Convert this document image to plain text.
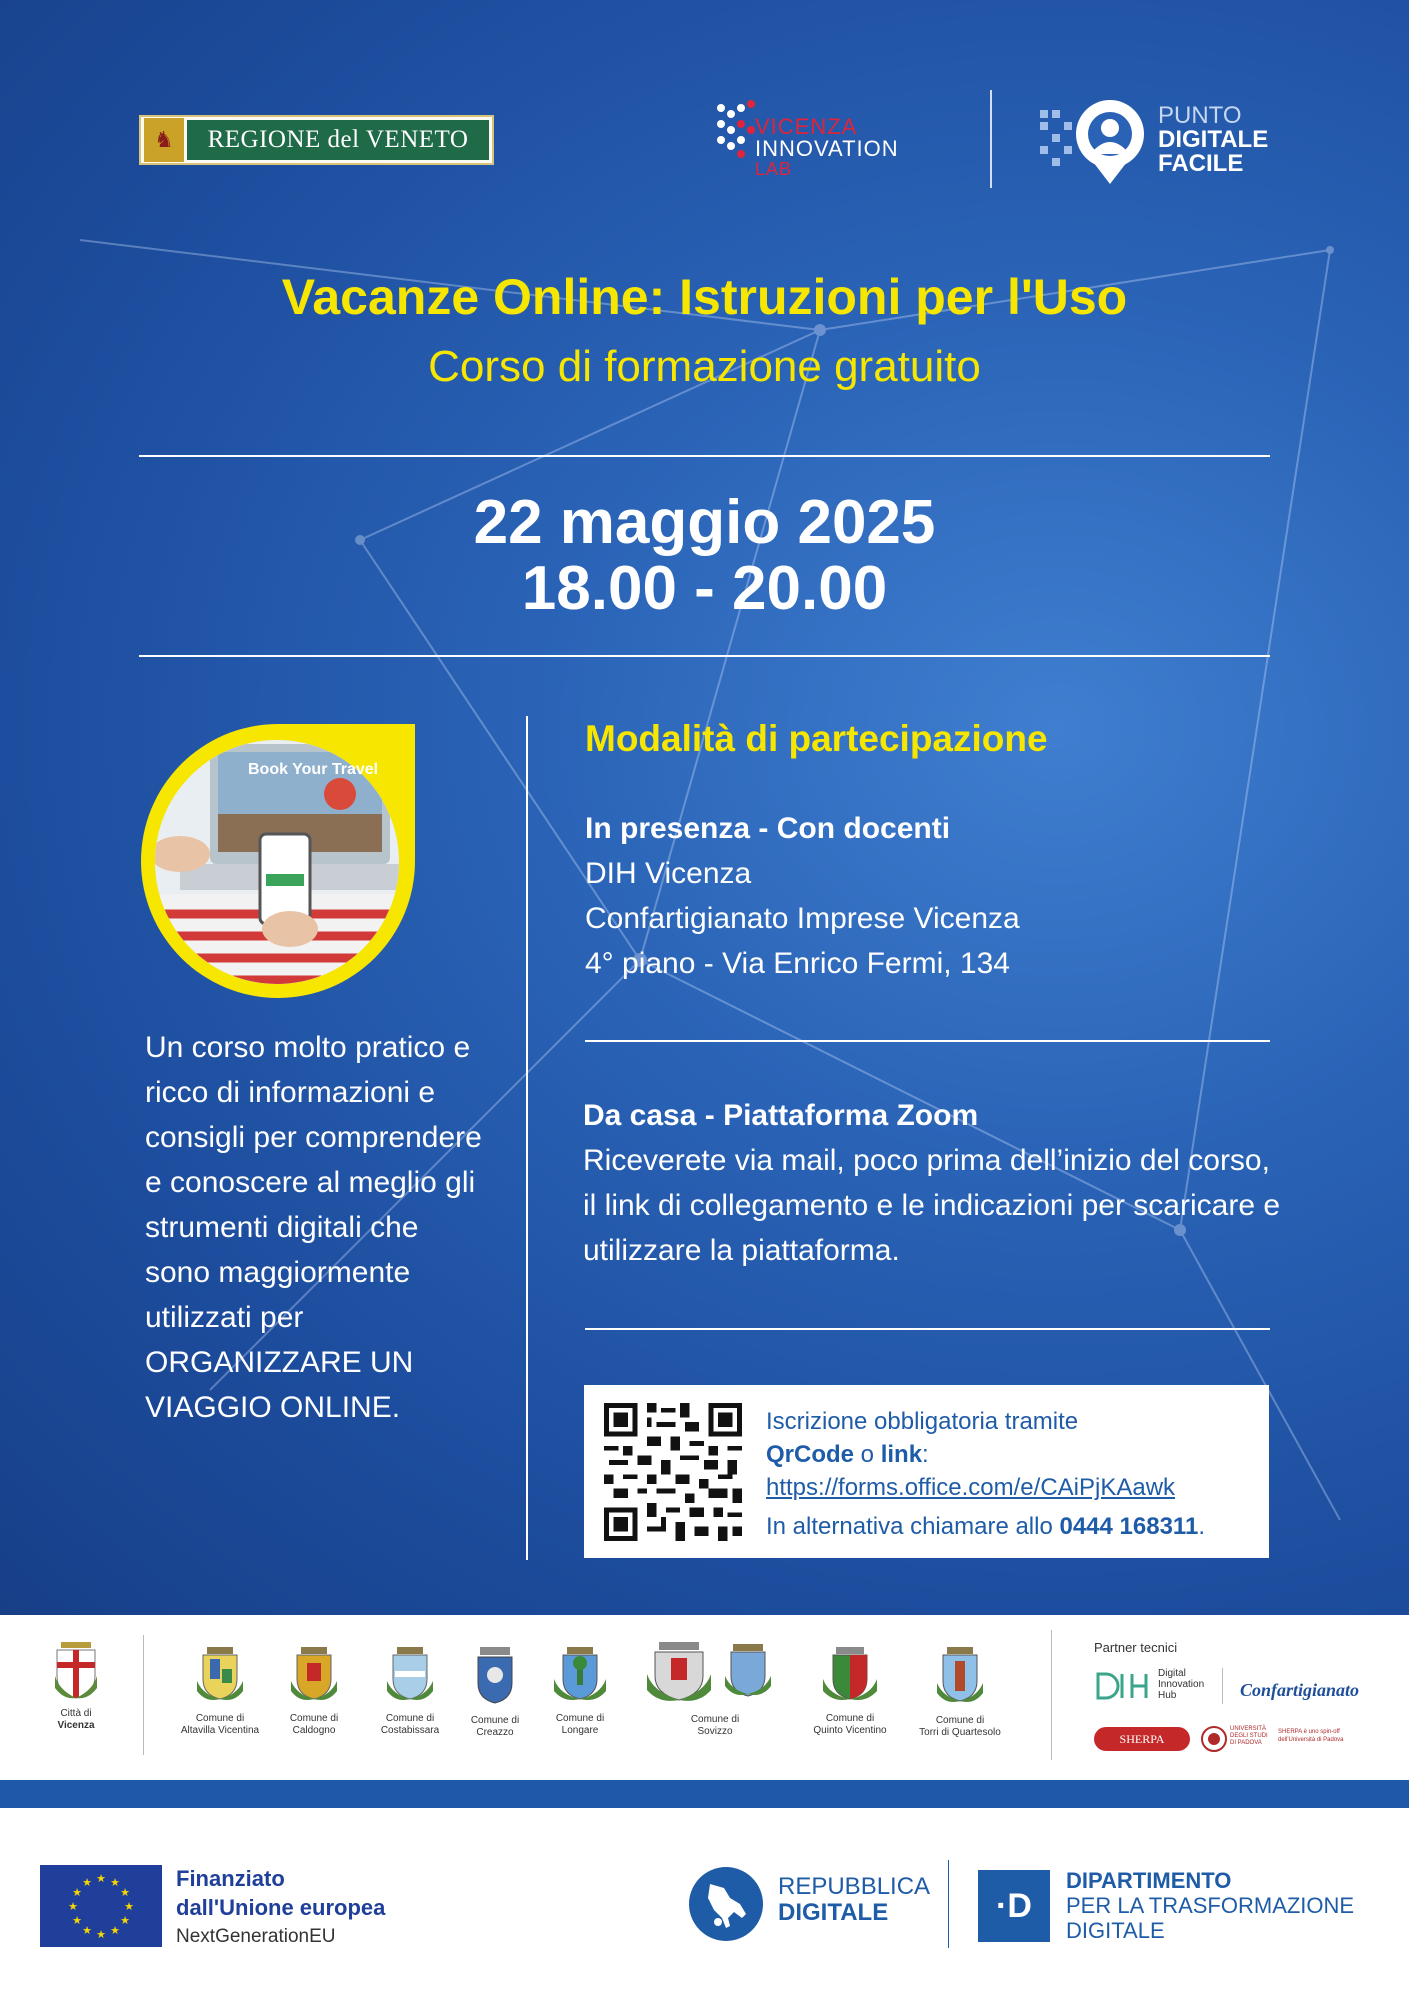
♞	REGIONE del VENETO	VICENZA
INNOVATION
LAB
PUNTO
DIGITALE
FACILE
Vacanze Online: Istruzioni per l'Uso
Corso di formazione gratuito
22 maggio 2025
18.00 - 20.00
Book Your Travel
Un corso molto pratico e ricco di informazioni e consigli per comprendere e conoscere al meglio gli strumenti digitali che sono maggiormente utilizzati per ORGANIZZARE UN VIAGGIO ONLINE.
Modalità di partecipazione
In presenza - Con docenti
DIH Vicenza
Confartigianato Imprese Vicenza
4° piano - Via Enrico Fermi, 134
Da casa - Piattaforma Zoom
Riceverete via mail, poco prima dell’inizio del corso, il link di collegamento e le indicazioni per scaricare e utilizzare la piattaforma.
Iscrizione obbligatoria tramite
QrCode o link:
https://forms.office.com/e/CAiPjKAawk
In alternativa chiamare allo 0444 168311.
Città di
Vicenza
Comune di
Altavilla Vicentina
Comune di
Caldogno
Comune di
Costabissara
Comune di
Creazzo
Comune di
Longare
Comune di
Sovizzo
Comune di
Quinto Vicentino
Comune di
Torri di Quartesolo
Partner tecnici
Digital Innovation Hub	Confartigianato
SHERPA
UNIVERSITÀ DEGLI STUDI DI PADOVA
SHERPA è uno spin-off dell'Università di Padova
★ ★
★
★
★
★
★
★
★
★
★
★	Finanziato
dall'Unione europea
NextGenerationEU
REPUBBLICA
DIGITALE	·D
DIPARTIMENTO
PER LA TRASFORMAZIONE
DIGITALE
